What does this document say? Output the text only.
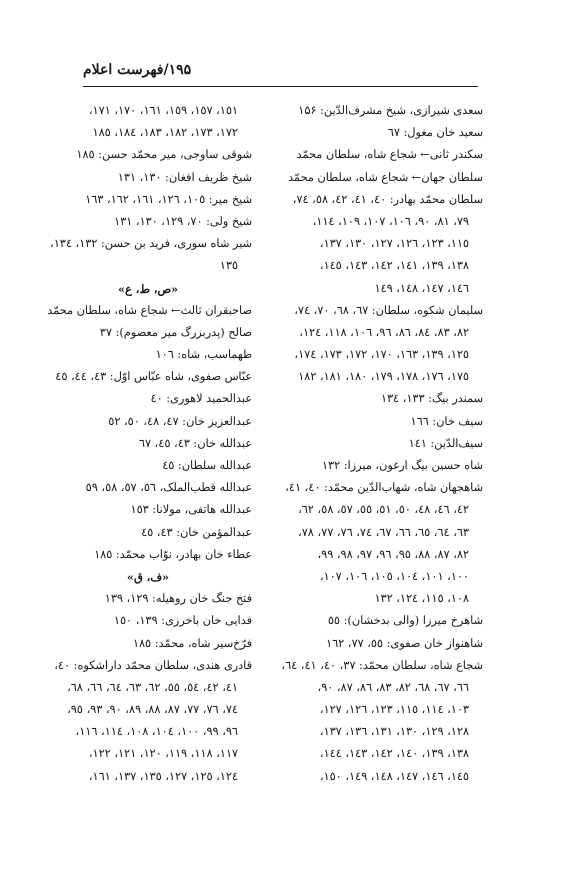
۱۹۵/فهرست اعلام
سعدی شیرازی، شیخ مشرف‌الدّین: ۱۵۶
سعید خان مغول: ٦٧
سکندر ثانی← شجاع شاه، سلطان محمّد
سلطان جهان← شجاع شاه، سلطان محمّد
سلطان محمّد بهادر: ٤٠، ٤١، ٤٢، ٥٨، ٧٤،
٧٩، ٨١، ٩٠، ١٠٦، ١٠٧، ١٠٩، ١١٤،
١١٥، ١٢٣، ١٢٦، ١٢٧، ١٣٠، ١٣٧،
١٣٨، ١٣٩، ١٤١، ١٤٢، ١٤٣، ١٤٥،
١٤٦، ١٤٧، ١٤٨، ١٤٩
سلیمان شکوه، سلطان: ٦٧، ٦٨، ٧٠، ٧٤،
٨٢، ٨٣، ٨٤، ٨٦، ٩٦، ١٠٦، ١١٨، ١٢٤،
١٢٥، ١٣٩، ١٦٣، ١٧٠، ١٧٢، ١٧٣، ١٧٤،
١٧٥، ١٧٦، ١٧٨، ١٧٩، ١٨٠، ١٨١، ١٨٢
سمندر بیگ: ١٣٣، ١٣٤
سیف خان: ١٦٦
سیف‌الدّین: ١٤١
شاه حسین بیگ ارغون، میرزا: ١٣٢
شاهجهان شاه، شهاب‌الدّین محمّد: ٤٠، ٤١،
٤٢، ٤٦، ٤٨، ٥٠، ٥١، ٥٥، ٥٧، ٥٨، ٦٢،
٦٣، ٦٤، ٦٥، ٦٦، ٦٧، ٧٤، ٧٦، ٧٧، ٧٨،
٨٢، ٨٧، ٨٨، ٩٥، ٩٦، ٩٧، ٩٨، ٩٩،
١٠٠، ١٠١، ١٠٤، ١٠٥، ١٠٦، ١٠٧،
١٠٨، ١١٥، ١٢٤، ١٣٢
شاهرخ میرزا (والی بدخشان): ٥٥
شاهنواز خان صفوی: ٥٥، ٧٧، ١٦٢
شجاع شاه، سلطان محمّد: ٣٧، ٤٠، ٤١، ٦٤،
٦٦، ٦٧، ٦٨، ٨٢، ٨٣، ٨٦، ٨٧، ٩٠،
١٠٣، ١١٤، ١١٥، ١٢٣، ١٢٦، ١٢٧،
١٢٨، ١٢٩، ١٣٠، ١٣١، ١٣٦، ١٣٧،
١٣٨، ١٣٩، ١٤٠، ١٤٢، ١٤٣، ١٤٤،
١٤٥، ١٤٦، ١٤٧، ١٤٨، ١٤٩، ١٥٠،
١٥١، ١٥٧، ١٥٩، ١٦١، ١٧٠، ١٧١،
١٧٢، ١٧٣، ١٨٢، ١٨٣، ١٨٤، ١٨٥
شوقی ساوجی، میر محمّد حسن: ١٨٥
شیخ ظریف افغان: ١٣٠، ١٣١
شیخ میر: ١٠٥، ١٢٦، ١٦١، ١٦٢، ١٦٣
شیخ ولی: ٧٠، ١٢٩، ١٣٠، ١٣١
شیر شاه سوری، فرید بن حسن: ١٣٢، ١٣٤،
١٣٥
«ص، ط، ع»
صاحبقران ثالث← شجاع شاه، سلطان محمّد
صالح (پدربزرگ میر معصوم): ٣٧
طهماسب، شاه: ١٠٦
عبّاس صفوی، شاه عبّاس اوّل: ٤٣، ٤٤، ٤٥
عبدالحمید لاهوری: ٤٠
عبدالعزیز خان: ٤٧، ٤٨، ٥٠، ٥٢
عبدالله خان: ٤٣، ٤٥، ٦٧
عبدالله سلطان: ٤٥
عبدالله قطب‌الملک، ٥٦، ٥٧، ٥٨، ٥٩
عبدالله هاتفی، مولانا: ١٥٣
عبدالمؤمن خان: ٤٣، ٤٥
عطاء خان بهادر، نوّاب محمّد: ١٨٥
«ف، ق»
فتح جنگ خان روهیله: ١٢٩، ١٣٩
فدایی خان باخرزی: ١٣٩، ١٥٠
فرّخ‌سیر شاه، محمّد: ١٨٥
قادری هندی، سلطان محمّد داراشکوه: ٤٠،
٤١، ٤٢، ٥٤، ٥٥، ٦٢، ٦٣، ٦٤، ٦٦، ٦٨،
٧٤، ٧٦، ٧٧، ٨٧، ٨٨، ٨٩، ٩٠، ٩٣، ٩٥،
٩٦، ٩٩، ١٠٠، ١٠٤، ١٠٨، ١١٤، ١١٦،
١١٧، ١١٨، ١١٩، ١٢٠، ١٢١، ١٢٢،
١٢٤، ١٢٥، ١٢٧، ١٣٥، ١٣٧، ١٦١،
